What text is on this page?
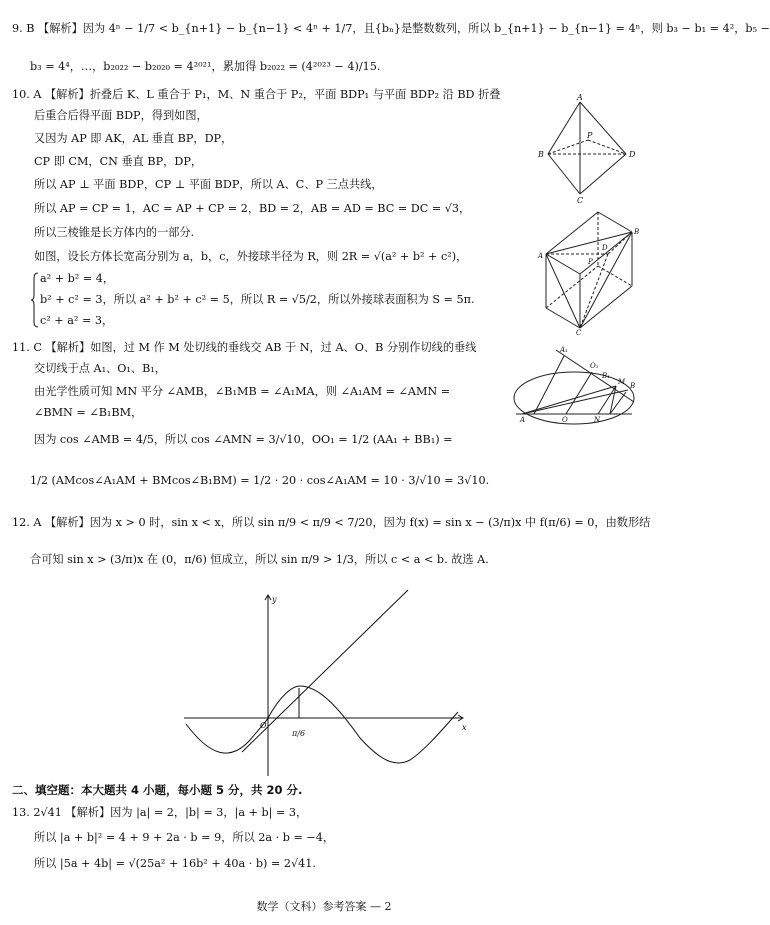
9. B 【解析】因为 4ⁿ − 1/7 < b_{n+1} − b_{n−1} < 4ⁿ + 1/7，且{bₙ}是整数数列，所以 b_{n+1} − b_{n−1} = 4ⁿ，则 b₃ − b₁ = 4²，b₅ −
b₃ = 4⁴，…，b₂₀₂₂ − b₂₀₂₀ = 4²⁰²¹，累加得 b₂₀₂₂ = (4²⁰²³ − 4)/15.
10. A 【解析】折叠后 K、L 重合于 P₁，M、N 重合于 P₂，平面 BDP₁ 与平面 BDP₂ 沿 BD 折叠
后重合后得平面 BDP，得到如图，
又因为 AP 即 AK，AL 垂直 BP，DP，
CP 即 CM，CN 垂直 BP，DP，
所以 AP ⊥ 平面 BDP，CP ⊥ 平面 BDP，所以 A、C、P 三点共线，
所以 AP = CP = 1，AC = AP + CP = 2，BD = 2，AB = AD = BC = DC = √3，
所以三棱锥是长方体内的一部分.
如图，设长方体长宽高分别为 a，b，c，外接球半径为 R，则 2R = √(a² + b² + c²)，
a² + b² = 4，
b² + c² = 3，所以 a² + b² + c² = 5，所以 R = √5/2，所以外接球表面积为 S = 5π.
c² + a² = 3，
A
P
B	D
C
A
B
C
D
P
11. C 【解析】如图，过 M 作 M 处切线的垂线交 AB 于 N，过 A、O、B 分别作切线的垂线
交切线于点 A₁、O₁、B₁，
由光学性质可知 MN 平分 ∠AMB，∠B₁MB = ∠A₁MA，则 ∠A₁AM = ∠AMN =
∠BMN = ∠B₁BM，
因为 cos ∠AMB = 4/5，所以 cos ∠AMN = 3/√10，OO₁ = 1/2 (AA₁ + BB₁) =
1/2 (AMcos∠A₁AM + BMcos∠B₁BM) = 1/2 · 20 · cos∠A₁AM = 10 · 3/√10 = 3√10.
A₁
O₁
B₁
M B
A	O	N
12. A 【解析】因为 x > 0 时，sin x < x，所以 sin π/9 < π/9 < 7/20，因为 f(x) = sin x − (3/π)x 中 f(π/6) = 0，由数形结
合可知 sin x > (3/π)x 在 (0，π/6) 恒成立，所以 sin π/9 > 1/3，所以 c < a < b. 故选 A.
y
x
O
π/6
二、填空题：本大题共 4 小题，每小题 5 分，共 20 分.
13. 2√41 【解析】因为 |a| = 2，|b| = 3，|a + b| = 3，
所以 |a + b|² = 4 + 9 + 2a · b = 9，所以 2a · b = −4，
所以 |5a + 4b| = √(25a² + 16b² + 40a · b) = 2√41.
数学（文科）参考答案 — 2
